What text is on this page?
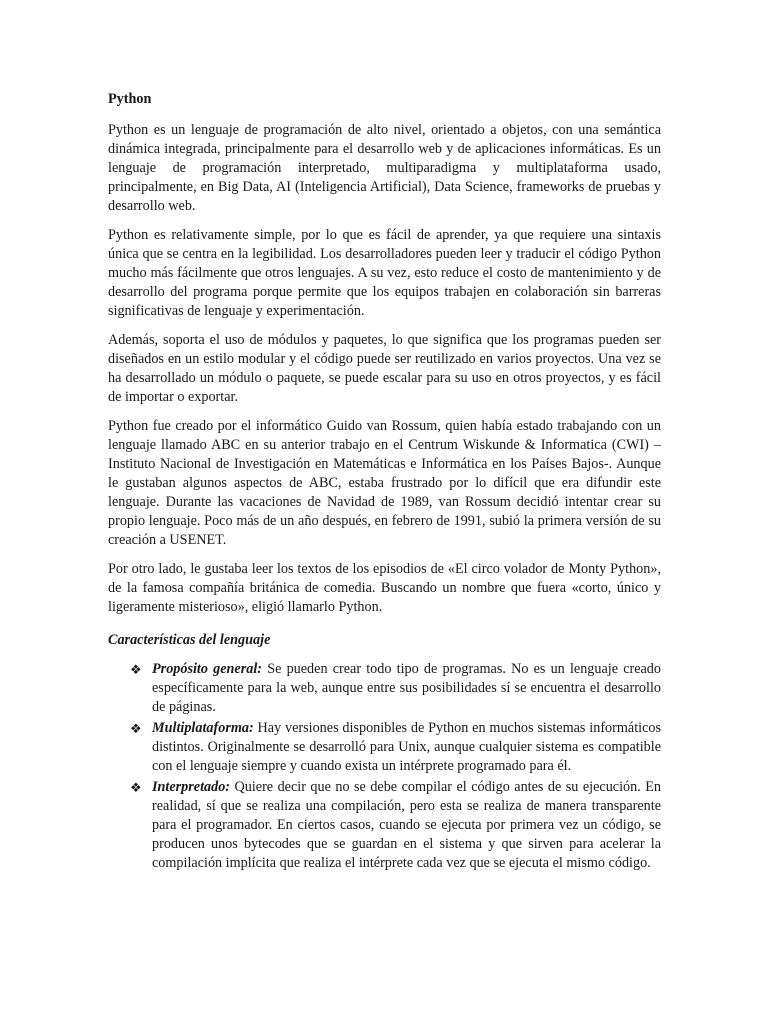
Python

Python es un lenguaje de programación de alto nivel, orientado a objetos, con una semántica dinámica integrada, principalmente para el desarrollo web y de aplicaciones informáticas. Es un lenguaje de programación interpretado, multiparadigma y multiplataforma usado, principalmente, en Big Data, AI (Inteligencia Artificial), Data Science, frameworks de pruebas y desarrollo web.

Python es relativamente simple, por lo que es fácil de aprender, ya que requiere una sintaxis única que se centra en la legibilidad. Los desarrolladores pueden leer y traducir el código Python mucho más fácilmente que otros lenguajes. A su vez, esto reduce el costo de mantenimiento y de desarrollo del programa porque permite que los equipos trabajen en colaboración sin barreras significativas de lenguaje y experimentación.

Además, soporta el uso de módulos y paquetes, lo que significa que los programas pueden ser diseñados en un estilo modular y el código puede ser reutilizado en varios proyectos. Una vez se ha desarrollado un módulo o paquete, se puede escalar para su uso en otros proyectos, y es fácil de importar o exportar.

Python fue creado por el informático Guido van Rossum, quien había estado trabajando con un lenguaje llamado ABC en su anterior trabajo en el Centrum Wiskunde & Informatica (CWI) – Instituto Nacional de Investigación en Matemáticas e Informática en los Países Bajos-. Aunque le gustaban algunos aspectos de ABC, estaba frustrado por lo difícil que era difundir este lenguaje. Durante las vacaciones de Navidad de 1989, van Rossum decidió intentar crear su propio lenguaje. Poco más de un año después, en febrero de 1991, subió la primera versión de su creación a USENET.

Por otro lado, le gustaba leer los textos de los episodios de «El circo volador de Monty Python», de la famosa compañía británica de comedia. Buscando un nombre que fuera «corto, único y ligeramente misterioso», eligió llamarlo Python.

Características del lenguaje
❖ Propósito general: Se pueden crear todo tipo de programas. No es un lenguaje creado específicamente para la web, aunque entre sus posibilidades sí se encuentra el desarrollo de páginas.
❖ Multiplataforma: Hay versiones disponibles de Python en muchos sistemas informáticos distintos. Originalmente se desarrolló para Unix, aunque cualquier sistema es compatible con el lenguaje siempre y cuando exista un intérprete programado para él.
❖ Interpretado: Quiere decir que no se debe compilar el código antes de su ejecución. En realidad, sí que se realiza una compilación, pero esta se realiza de manera transparente para el programador. En ciertos casos, cuando se ejecuta por primera vez un código, se producen unos bytecodes que se guardan en el sistema y que sirven para acelerar la compilación implícita que realiza el intérprete cada vez que se ejecuta el mismo código.
